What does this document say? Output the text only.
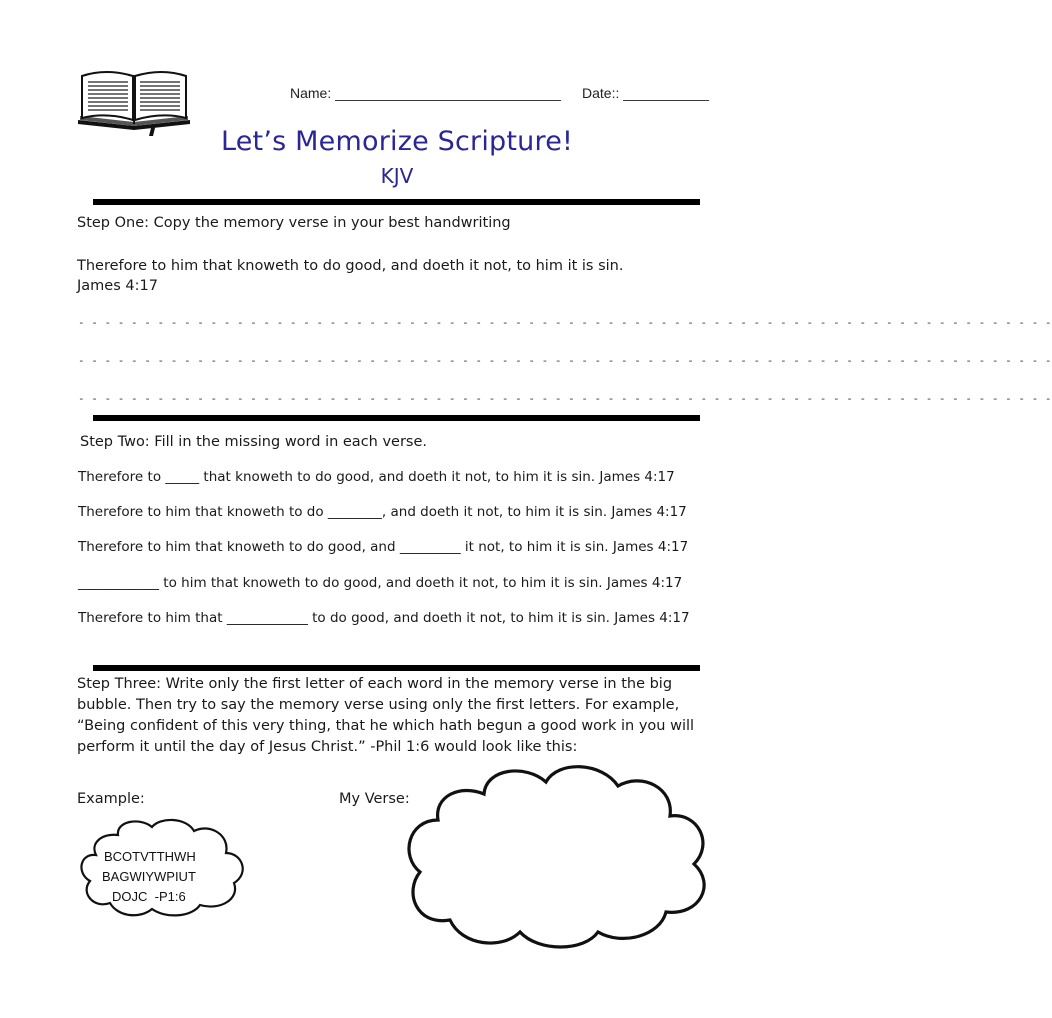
Name: _____________________________ Date:: ___________
Let’s Memorize Scripture!
KJV
Step One: Copy the memory verse in your best handwriting
Therefore to him that knoweth to do good, and doeth it not, to him it is sin.
James 4:17
- - - - - - - - - - - - - - - - - - - - - - - - - - - - - - - - - - - - - - - - - - - - - - - - - - - - - - - - - - - - - - - - - - - - - - - - - -
- - - - - - - - - - - - - - - - - - - - - - - - - - - - - - - - - - - - - - - - - - - - - - - - - - - - - - - - - - - - - - - - - - - - - - - - - -
- - - - - - - - - - - - - - - - - - - - - - - - - - - - - - - - - - - - - - - - - - - - - - - - - - - - - - - - - - - - - - - - - - - - - - - - - -
Step Two: Fill in the missing word in each verse.
Therefore to _____ that knoweth to do good, and doeth it not, to him it is sin. James 4:17
Therefore to him that knoweth to do ________, and doeth it not, to him it is sin. James 4:17
Therefore to him that knoweth to do good, and _________ it not, to him it is sin. James 4:17
____________ to him that knoweth to do good, and doeth it not, to him it is sin. James 4:17
Therefore to him that ____________ to do good, and doeth it not, to him it is sin. James 4:17
Step Three: Write only the first letter of each word in the memory verse in the big bubble. Then try to say the memory verse using only the first letters. For example, “Being confident of this very thing, that he which hath begun a good work in you will perform it until the day of Jesus Christ.” -Phil 1:6 would look like this:
Example:	My Verse:
BCOTVTTHWH
BAGWIYWPIUT
DOJC  -P1:6
